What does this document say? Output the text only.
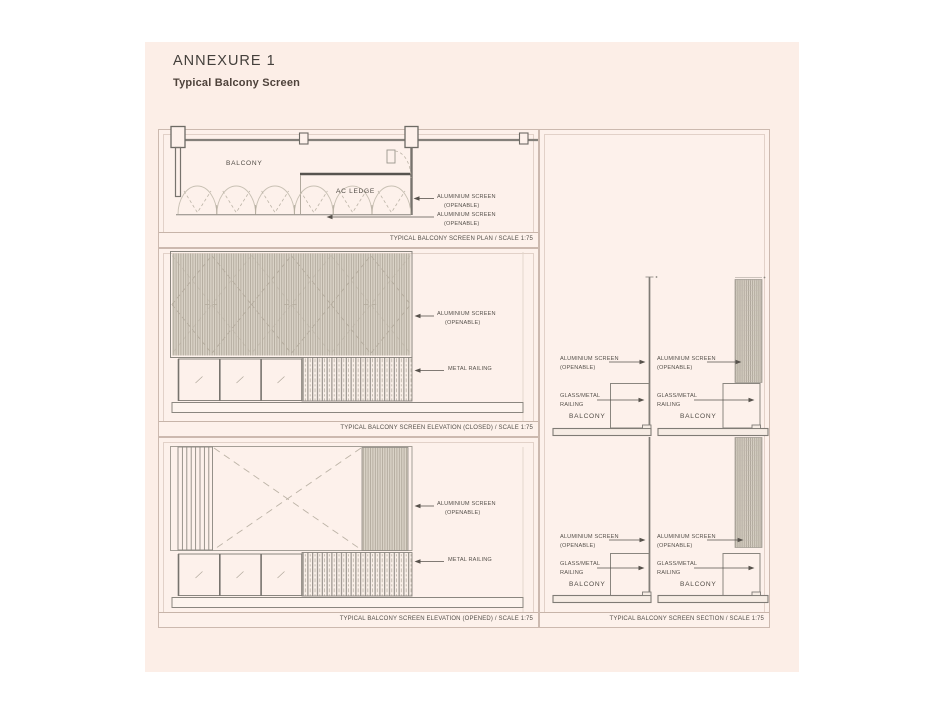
ANNEXURE 1
Typical Balcony Screen
TYPICAL BALCONY SCREEN PLAN / SCALE 1:75
TYPICAL BALCONY SCREEN ELEVATION (CLOSED) / SCALE 1:75
TYPICAL BALCONY SCREEN ELEVATION (OPENED) / SCALE 1:75	TYPICAL BALCONY SCREEN SECTION / SCALE 1:75
BALCONY
AC LEDGE
ALUMINIUM SCREEN
(OPENABLE)
ALUMINIUM SCREEN
(OPENABLE)
ALUMINIUM SCREEN
(OPENABLE)
METAL RAILING
ALUMINIUM SCREEN
(OPENABLE)
METAL RAILING
ALUMINIUM SCREEN
(OPENABLE)
GLASS/METAL
RAILING
BALCONY
ALUMINIUM SCREEN
(OPENABLE)
GLASS/METAL
RAILING
BALCONY
ALUMINIUM SCREEN
(OPENABLE)
GLASS/METAL
RAILING
BALCONY
ALUMINIUM SCREEN
(OPENABLE)
GLASS/METAL
RAILING
BALCONY
